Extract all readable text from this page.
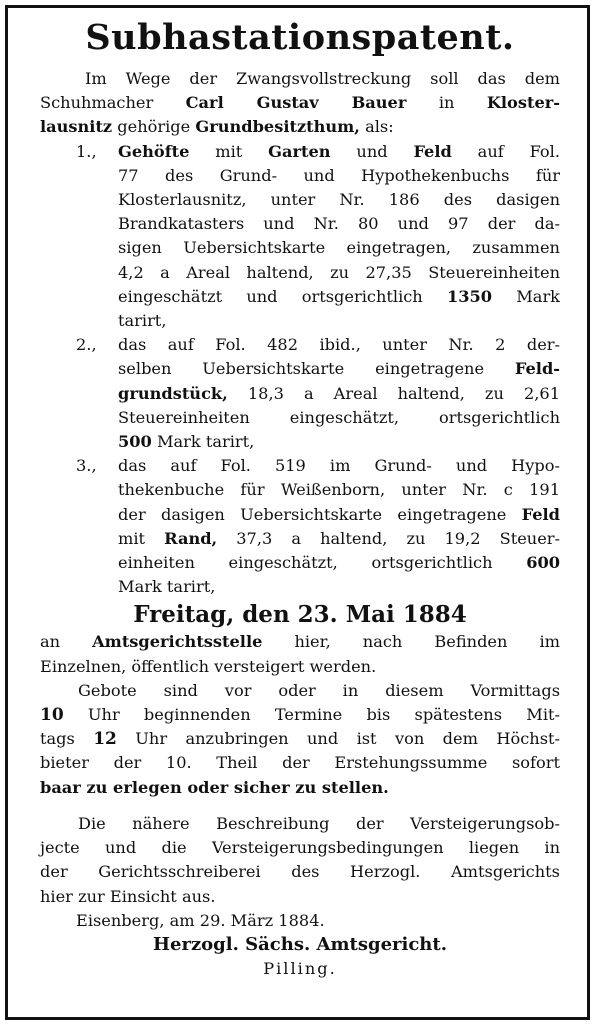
Subhastationspatent.

Im Wege der Zwangsvollstreckung soll das dem

Schuhmacher Carl Gustav Bauer in Kloster-

lausnitz gehörige Grundbesitzthum, als:

1., Gehöfte mit Garten und Feld auf Fol.

77 des Grund- und Hypothekenbuchs für

Klosterlausnitz, unter Nr. 186 des dasigen

Brandkatasters und Nr. 80 und 97 der da-

sigen Uebersichtskarte eingetragen, zusammen

4,2 a Areal haltend, zu 27,35 Steuereinheiten

eingeschätzt und ortsgerichtlich 1350 Mark

tarirt,

2., das auf Fol. 482 ibid., unter Nr. 2 der-

selben Uebersichtskarte eingetragene Feld-

grundstück, 18,3 a Areal haltend, zu 2,61

Steuereinheiten eingeschätzt, ortsgerichtlich

500 Mark tarirt,

3., das auf Fol. 519 im Grund- und Hypo-

thekenbuche für Weißenborn, unter Nr. c 191

der dasigen Uebersichtskarte eingetragene Feld

mit Rand, 37,3 a haltend, zu 19,2 Steuer-

einheiten eingeschätzt, ortsgerichtlich 600

Mark tarirt,

Freitag, den 23. Mai 1884

an Amtsgerichtsstelle hier, nach Befinden im

Einzelnen, öffentlich versteigert werden.

Gebote sind vor oder in diesem Vormittags

10 Uhr beginnenden Termine bis spätestens Mit-

tags 12 Uhr anzubringen und ist von dem Höchst-

bieter der 10. Theil der Erstehungssumme sofort

baar zu erlegen oder sicher zu stellen.

Die nähere Beschreibung der Versteigerungsob-

jecte und die Versteigerungsbedingungen liegen in

der Gerichtsschreiberei des Herzogl. Amtsgerichts

hier zur Einsicht aus.

Eisenberg, am 29. März 1884.

Herzogl. Sächs. Amtsgericht.

Pilling.
